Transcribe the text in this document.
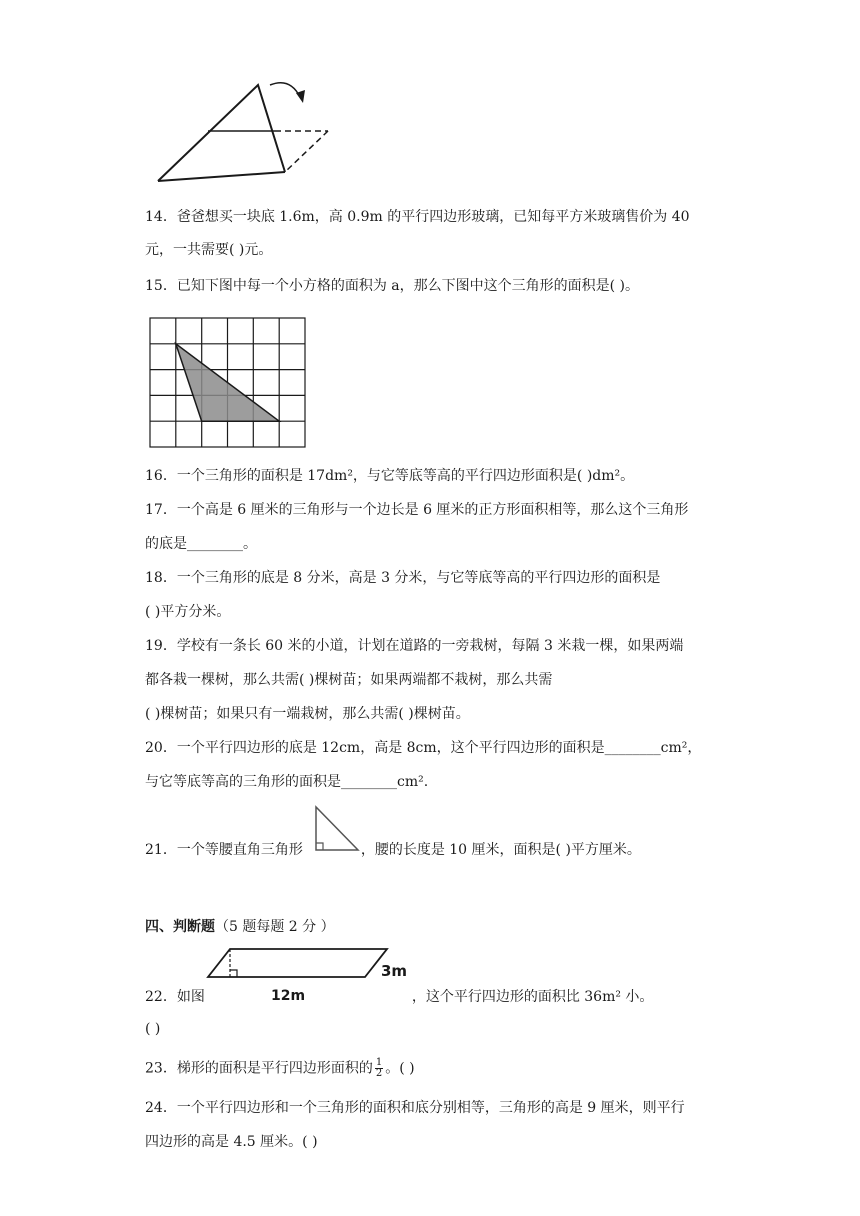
14．爸爸想买一块底 1.6m，高 0.9m 的平行四边形玻璃，已知每平方米玻璃售价为 40
元，一共需要( )元。
15．已知下图中每一个小方格的面积为 a，那么下图中这个三角形的面积是( )。
16．一个三角形的面积是 17dm²，与它等底等高的平行四边形面积是( )dm²。
17．一个高是 6 厘米的三角形与一个边长是 6 厘米的正方形面积相等，那么这个三角形
的底是________。
18．一个三角形的底是 8 分米，高是 3 分米，与它等底等高的平行四边形的面积是
( )平方分米。
19．学校有一条长 60 米的小道，计划在道路的一旁栽树，每隔 3 米栽一棵，如果两端
都各栽一棵树，那么共需( )棵树苗；如果两端都不栽树，那么共需
( )棵树苗；如果只有一端栽树，那么共需( )棵树苗。
20．一个平行四边形的底是 12cm，高是 8cm，这个平行四边形的面积是________cm²，
与它等底等高的三角形的面积是________cm².
21．一个等腰直角三角形	，腰的长度是 10 厘米，面积是( )平方厘米。
四、判断题（5 题每题 2 分 ）
12m
3m
22．如图	，这个平行四边形的面积比 36m² 小。
( )
23．梯形的面积是平行四边形面积的 $\frac{1}{2}$ 。( )
24．一个平行四边形和一个三角形的面积和底分别相等，三角形的高是 9 厘米，则平行
四边形的高是 4.5 厘米。( )
